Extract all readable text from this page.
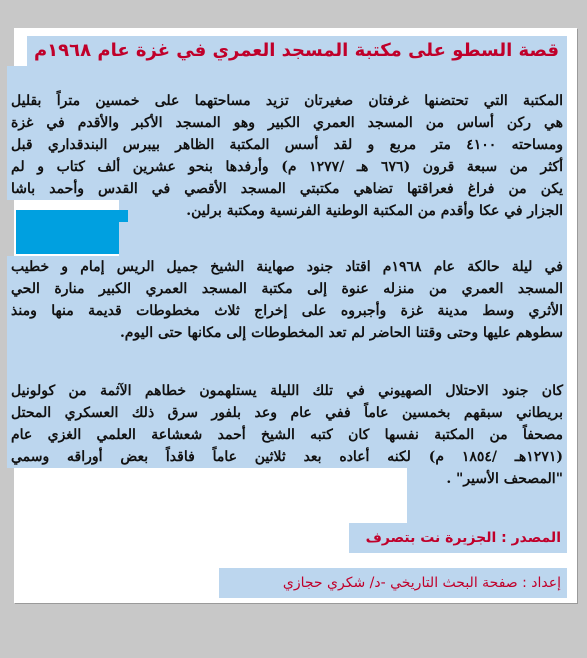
قصة السطو على مكتبة المسجد العمري في غزة عام ١٩٦٨م
المكتبة التي تحتضنها غرفتان صغيرتان تزيد مساحتهما على خمسين متراً بقليل
هي ركن أساس من المسجد العمري الكبير وهو المسجد الأكبر والأقدم في غزة
ومساحته ٤١٠٠ متر مربع و لقد أسس المكتبة الظاهر بيبرس البندقداري قبل
أكثر من سبعة قرون (٦٧٦ هـ /١٢٧٧ م) وأرفدها بنحو عشرين ألف كتاب و لم
يكن من فراغ فعراقتها تضاهي مكتبتي المسجد الأقصي في القدس وأحمد باشا
الجزار في عكا وأقدم من المكتبة الوطنية الفرنسية ومكتبة برلين.
في ليلة حالكة عام ١٩٦٨م اقتاد جنود صهاينة الشيخ جميل الريس إمام و خطيب
المسجد العمري من منزله عنوة إلى مكتبة المسجد العمري الكبير منارة الحي
الأثري وسط مدينة غزة وأجبروه على إخراج ثلاث مخطوطات قديمة منها ومنذ
سطوهم عليها وحتى وقتنا الحاضر لم تعد المخطوطات إلى مكانها حتى اليوم.
كان جنود الاحتلال الصهيوني في تلك الليلة يستلهمون خطاهم الآثمة من كولونيل
بريطاني سبقهم بخمسين عاماً ففي عام وعد بلفور سرق ذلك العسكري المحتل
مصحفاً من المكتبة نفسها كان كتبه الشيخ أحمد شعشاعة العلمي الغزي عام
(١٢٧١هـ /١٨٥٤ م) لكنه أعاده بعد ثلاثين عاماً فاقداً بعض أوراقه وسمي
"المصحف الأسير" .
المصدر : الجزيرة نت بتصرف
إعداد : صفحة البحث التاريخي -د/ شكري حجازي
